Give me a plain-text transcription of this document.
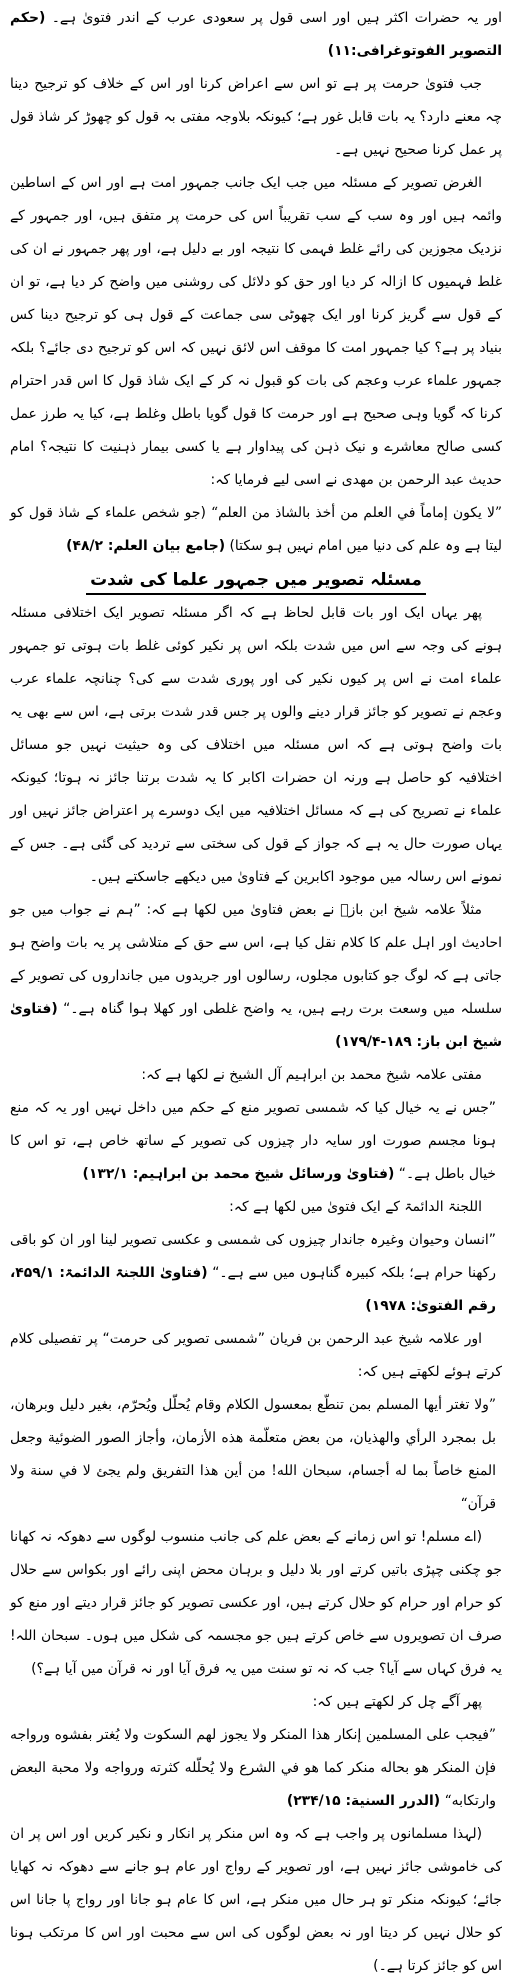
اور یہ حضرات اکثر ہیں اور اسی قول پر سعودی عرب کے اندر فتویٰ ہے۔ (حکم التصویر الفوتوغرافی:۱۱)

جب فتویٰ حرمت پر ہے تو اس سے اعراض کرنا اور اس کے خلاف کو ترجیح دینا چہ معنے دارد؟ یہ بات قابل غور ہے؛ کیونکہ بلاوجہ مفتی بہ قول کو چھوڑ کر شاذ قول پر عمل کرنا صحیح نہیں ہے۔

الغرض تصویر کے مسئلہ میں جب ایک جانب جمہور امت ہے اور اس کے اساطین وائمہ ہیں اور وہ سب کے سب تقریباً اس کی حرمت پر متفق ہیں، اور جمہور کے نزدیک مجوزین کی رائے غلط فہمی کا نتیجہ اور بے دلیل ہے، اور پھر جمہور نے ان کی غلط فہمیوں کا ازالہ کر دیا اور حق کو دلائل کی روشنی میں واضح کر دیا ہے، تو ان کے قول سے گریز کرنا اور ایک چھوٹی سی جماعت کے قول ہی کو ترجیح دینا کس بنیاد پر ہے؟ کیا جمہور امت کا موقف اس لائق نہیں کہ اس کو ترجیح دی جائے؟ بلکہ جمہور علماء عرب وعجم کی بات کو قبول نہ کر کے ایک شاذ قول کا اس قدر احترام کرنا کہ گویا وہی صحیح ہے اور حرمت کا قول گویا باطل وغلط ہے، کیا یہ طرز عمل کسی صالح معاشرے و نیک ذہن کی پیداوار ہے یا کسی بیمار ذہنیت کا نتیجہ؟ امام حدیث عبد الرحمن بن مهدی نے اسی لیے فرمایا کہ:

”لا يكون إماماً في العلم من أخذ بالشاذ من العلم“ (جو شخص علماء کے شاذ قول کو لیتا ہے وہ علم کی دنیا میں امام نہیں ہو سکتا) (جامع بیان العلم: ۴۸/۲)

مسئلہ تصویر میں جمہور علما کی شدت

پھر یہاں ایک اور بات قابل لحاظ ہے کہ اگر مسئلہ تصویر ایک اختلافی مسئلہ ہونے کی وجہ سے اس میں شدت بلکہ اس پر نکیر کوئی غلط بات ہوتی تو جمہور علماء امت نے اس پر کیوں نکیر کی اور پوری شدت سے کی؟ چنانچہ علماء عرب وعجم نے تصویر کو جائز قرار دینے والوں پر جس قدر شدت برتی ہے، اس سے بھی یہ بات واضح ہوتی ہے کہ اس مسئلہ میں اختلاف کی وہ حیثیت نہیں جو مسائل اختلافیہ کو حاصل ہے ورنہ ان حضرات اکابر کا یہ شدت برتنا جائز نہ ہوتا؛ کیونکہ علماء نے تصریح کی ہے کہ مسائل اختلافیہ میں ایک دوسرے پر اعتراض جائز نہیں اور یہاں صورت حال یہ ہے کہ جواز کے قول کی سختی سے تردید کی گئی ہے۔ جس کے نمونے اس رسالہ میں موجود اکابرین کے فتاویٰ میں دیکھے جاسکتے ہیں۔

مثلاً علامہ شیخ ابن بازؒ نے بعض فتاویٰ میں لکھا ہے کہ: ”ہم نے جواب میں جو احادیث اور اہل علم کا کلام نقل کیا ہے، اس سے حق کے متلاشی پر یہ بات واضح ہو جاتی ہے کہ لوگ جو کتابوں مجلوں، رسالوں اور جریدوں میں جانداروں کی تصویر کے سلسلہ میں وسعت برت رہے ہیں، یہ واضح غلطی اور کھلا ہوا گناہ ہے۔“ (فتاویٰ شیخ ابن باز: ۱۸۹-۱۷۹/۴)

مفتی علامہ شیخ محمد بن ابراہیم آل الشیخ نے لکھا ہے کہ:

”جس نے یہ خیال کیا کہ شمسی تصویر منع کے حکم میں داخل نہیں اور یہ کہ منع ہونا مجسم صورت اور سایہ دار چیزوں کی تصویر کے ساتھ خاص ہے، تو اس کا خیال باطل ہے۔“ (فتاویٰ ورسائل شیخ محمد بن ابراہیم: ۱۳۲/۱)

اللجنۃ الدائمۃ کے ایک فتویٰ میں لکھا ہے کہ:

”انسان وحیوان وغیرہ جاندار چیزوں کی شمسی و عکسی تصویر لینا اور ان کو باقی رکھنا حرام ہے؛ بلکہ کبیرہ گناہوں میں سے ہے۔“ (فتاویٰ اللجنۃ الدائمۃ: ۴۵۹/۱، رقم الفتویٰ: ۱۹۷۸)

اور علامہ شیخ عبد الرحمن بن فریان ”شمسی تصویر کی حرمت“ پر تفصیلی کلام کرتے ہوئے لکھتے ہیں کہ:

”ولا تغتر أيها المسلم بمن تنطّع بمعسول الكلام وقام يُحلّل ويُحرّم، بغير دليل وبرهان، بل بمجرد الرأي والهذيان، من بعض متعلّمة هذه الأزمان، وأجاز الصور الضوئية وجعل المنع خاصاً بما له أجسام، سبحان الله! من أين هذا التفريق ولم يجئ لا في سنة ولا قرآن“

(اے مسلم! تو اس زمانے کے بعض علم کی جانب منسوب لوگوں سے دھوکہ نہ کھانا جو چکنی چپڑی باتیں کرتے اور بلا دلیل و برہان محض اپنی رائے اور بکواس سے حلال کو حرام اور حرام کو حلال کرتے ہیں، اور عکسی تصویر کو جائز قرار دیتے اور منع کو صرف ان تصویروں سے خاص کرتے ہیں جو مجسمہ کی شکل میں ہوں۔ سبحان اللہ! یہ فرق کہاں سے آیا؟ جب کہ نہ تو سنت میں یہ فرق آیا اور نہ قرآن میں آیا ہے؟)

پھر آگے چل کر لکھتے ہیں کہ:

”فيجب على المسلمين إنكار هذا المنكر ولا يجوز لهم السكوت ولا يُغتر بفشوه ورواجه فإن المنكر هو بحاله منكر كما هو في الشرع ولا يُحلّله كثرته ورواجه ولا محبة البعض وارتكابه“ (الدرر السنية: ۲۳۴/۱۵)

(لہذا مسلمانوں پر واجب ہے کہ وہ اس منکر پر انکار و نکیر کریں اور اس پر ان کی خاموشی جائز نہیں ہے، اور تصویر کے رواج اور عام ہو جانے سے دھوکہ نہ کھایا جائے؛ کیونکہ منکر تو ہر حال میں منکر ہے، اس کا عام ہو جانا اور رواج پا جانا اس کو حلال نہیں کر دیتا اور نہ بعض لوگوں کی اس سے محبت اور اس کا مرتکب ہونا اس کو جائز کرتا ہے۔)
